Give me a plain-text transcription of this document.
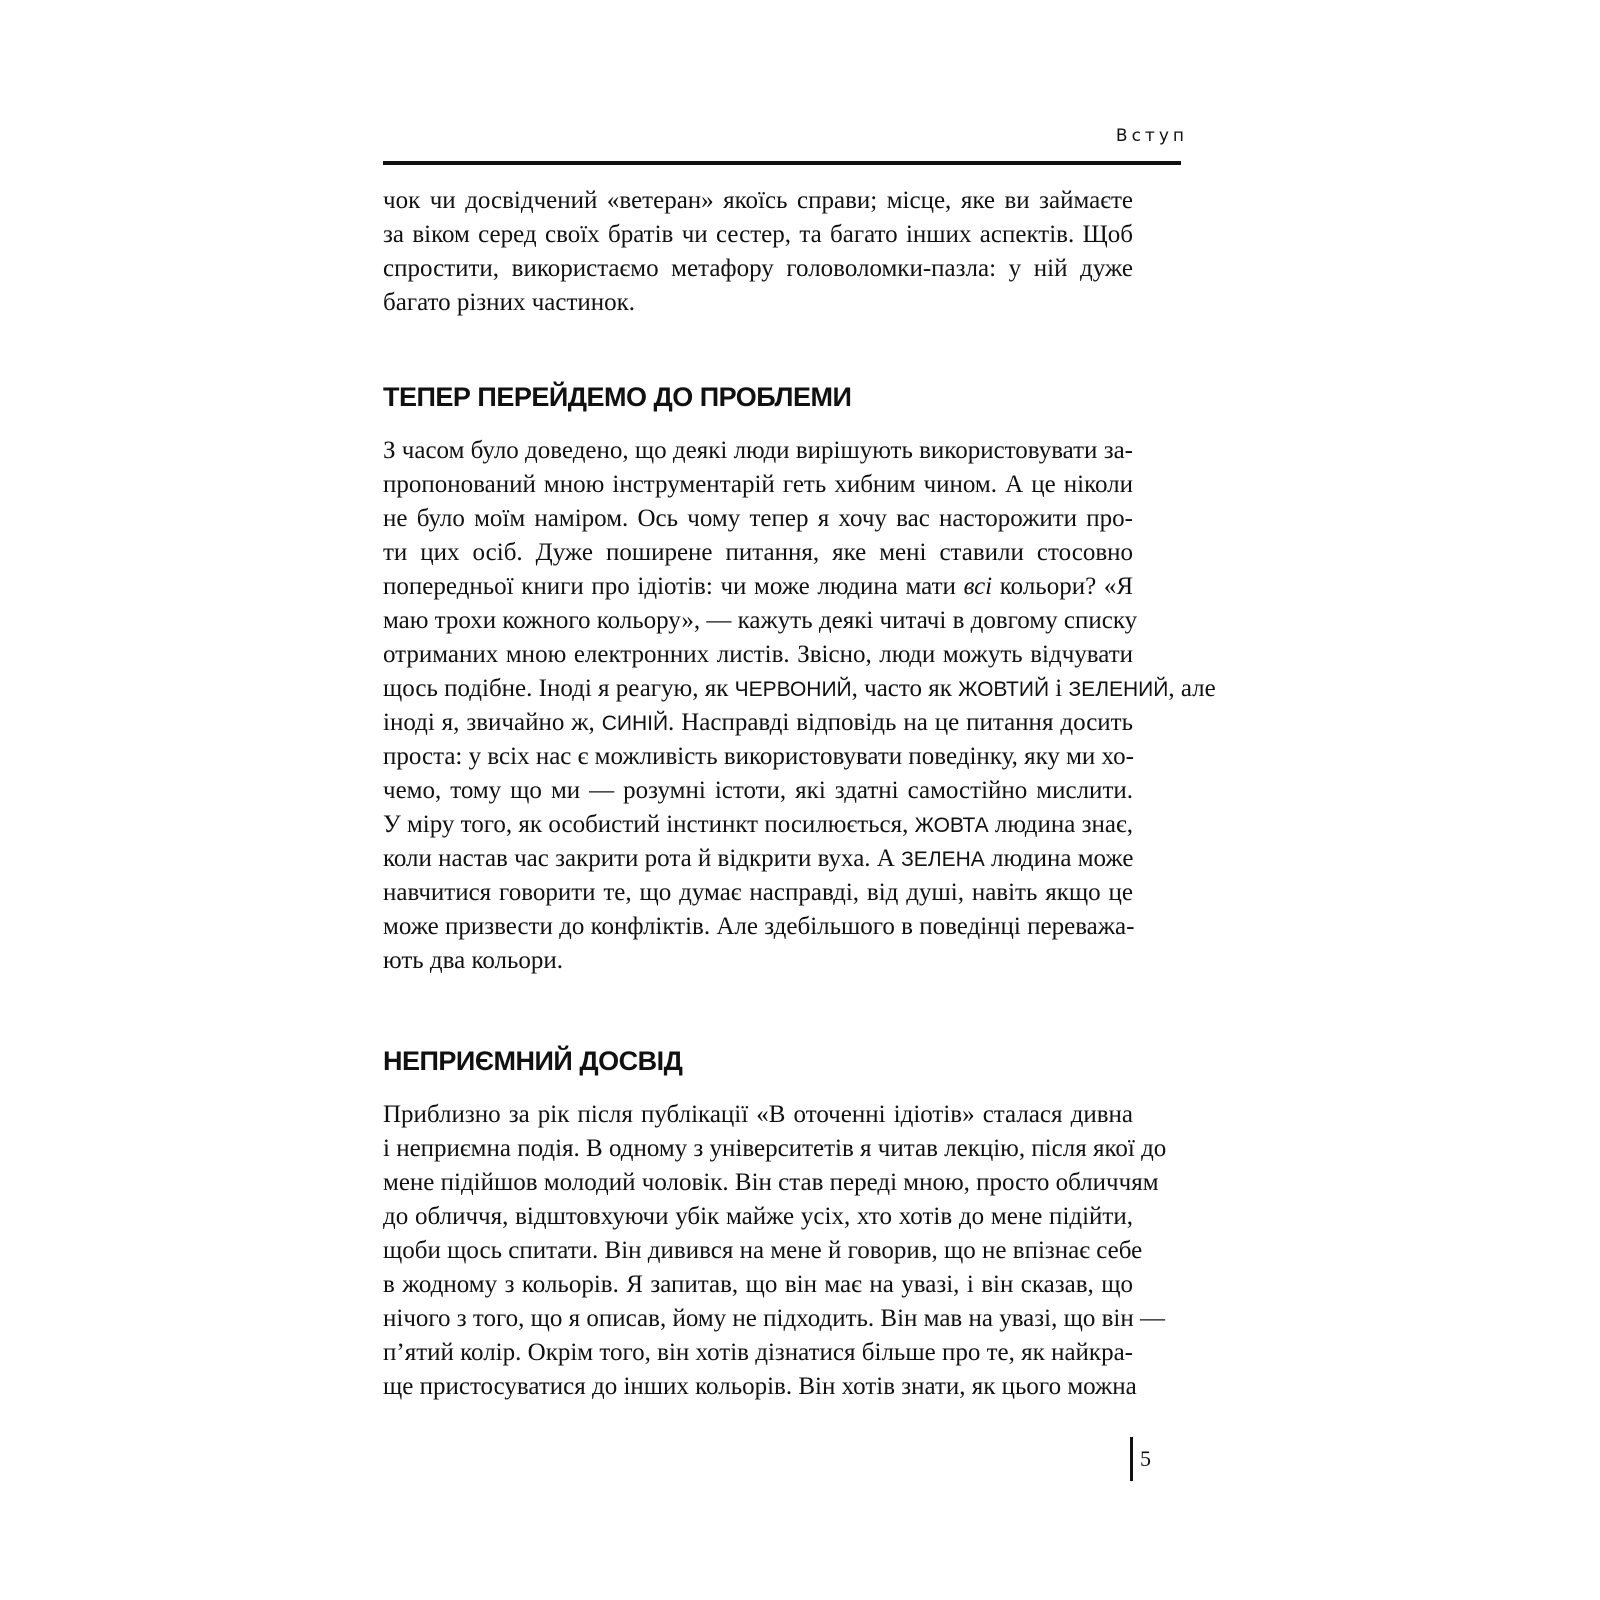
Вступ
чок чи досвідчений «ветеран» якоїсь справи; місце, яке ви займаєте
за віком серед своїх братів чи сестер, та багато інших аспектів. Щоб
спростити, використаємо метафору головоломки-пазла: у ній дуже
багато різних частинок.
ТЕПЕР ПЕРЕЙДЕМО ДО ПРОБЛЕМИ
З часом було доведено, що деякі люди вирішують використовувати за-
пропонований мною інструментарій геть хибним чином. А це ніколи
не було моїм наміром. Ось чому тепер я хочу вас насторожити про-
ти цих осіб. Дуже поширене питання, яке мені ставили стосовно
попередньої книги про ідіотів: чи може людина мати всі кольори? «Я
маю трохи кожного кольору», — кажуть деякі читачі в довгому списку
отриманих мною електронних листів. Звісно, люди можуть відчувати
щось подібне. Іноді я реагую, як ЧЕРВОНИЙ, часто як ЖОВТИЙ і ЗЕЛЕНИЙ, але
іноді я, звичайно ж, СИНІЙ. Насправді відповідь на це питання досить
проста: у всіх нас є можливість використовувати поведінку, яку ми хо-
чемо, тому що ми — розумні істоти, які здатні самостійно мислити.
У міру того, як особистий інстинкт посилюється, ЖОВТА людина знає,
коли настав час закрити рота й відкрити вуха. А ЗЕЛЕНА людина може
навчитися говорити те, що думає насправді, від душі, навіть якщо це
може призвести до конфліктів. Але здебільшого в поведінці переважа-
ють два кольори.
НЕПРИЄМНИЙ ДОСВІД
Приблизно за рік після публікації «В оточенні ідіотів» сталася дивна
і неприємна подія. В одному з університетів я читав лекцію, після якої до
мене підійшов молодий чоловік. Він став переді мною, просто обличчям
до обличчя, відштовхуючи убік майже усіх, хто хотів до мене підійти,
щоби щось спитати. Він дивився на мене й говорив, що не впізнає себе
в жодному з кольорів. Я запитав, що він має на увазі, і він сказав, що
нічого з того, що я описав, йому не підходить. Він мав на увазі, що він —
п’ятий колір. Окрім того, він хотів дізнатися більше про те, як найкра-
ще пристосуватися до інших кольорів. Він хотів знати, як цього можна
5
